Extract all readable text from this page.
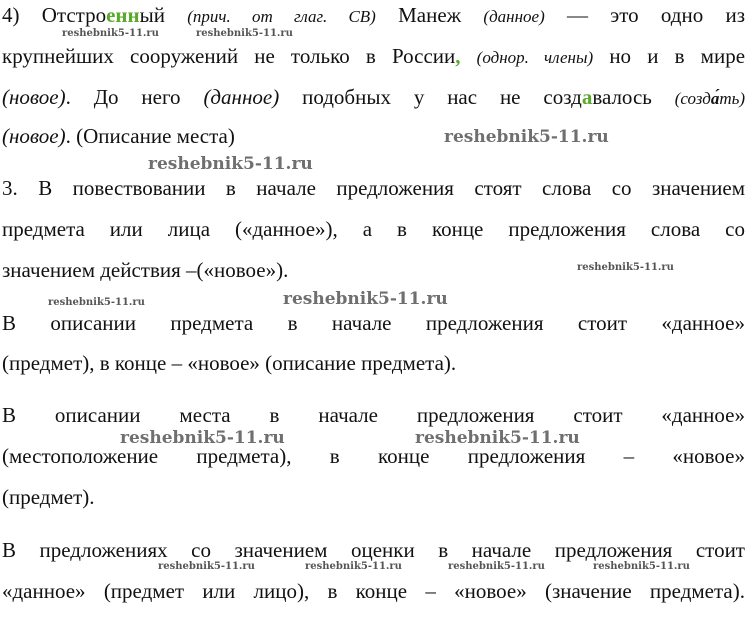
4) Отстроенный (прич. от глаг. СВ) Манеж (данное) — это одно из
крупнейших сооружений не только в России, (однор. члены) но и в мире
(новое). До него (данное) подобных у нас не создавалось (созда́ть)
(новое). (Описание места)
3. В повествовании в начале предложения стоят слова со значением
предмета или лица («данное»), а в конце предложения слова со
значением действия –(«новое»).
В описании предмета в начале предложения стоит «данное»
(предмет), в конце – «новое» (описание предмета).
В описании места в начале предложения стоит «данное»
(местоположение предмета), в конце предложения – «новое»
(предмет).
В предложениях со значением оценки в начале предложения стоит
«данное» (предмет или лицо), в конце – «новое» (значение предмета).
reshebnik5-11.ru	reshebnik5-11.ru
reshebnik5-11.ru
reshebnik5-11.ru
reshebnik5-11.ru
reshebnik5-11.ru	reshebnik5-11.ru
reshebnik5-11.ru	reshebnik5-11.ru
reshebnik5-11.ru	reshebnik5-11.ru	reshebnik5-11.ru	reshebnik5-11.ru
